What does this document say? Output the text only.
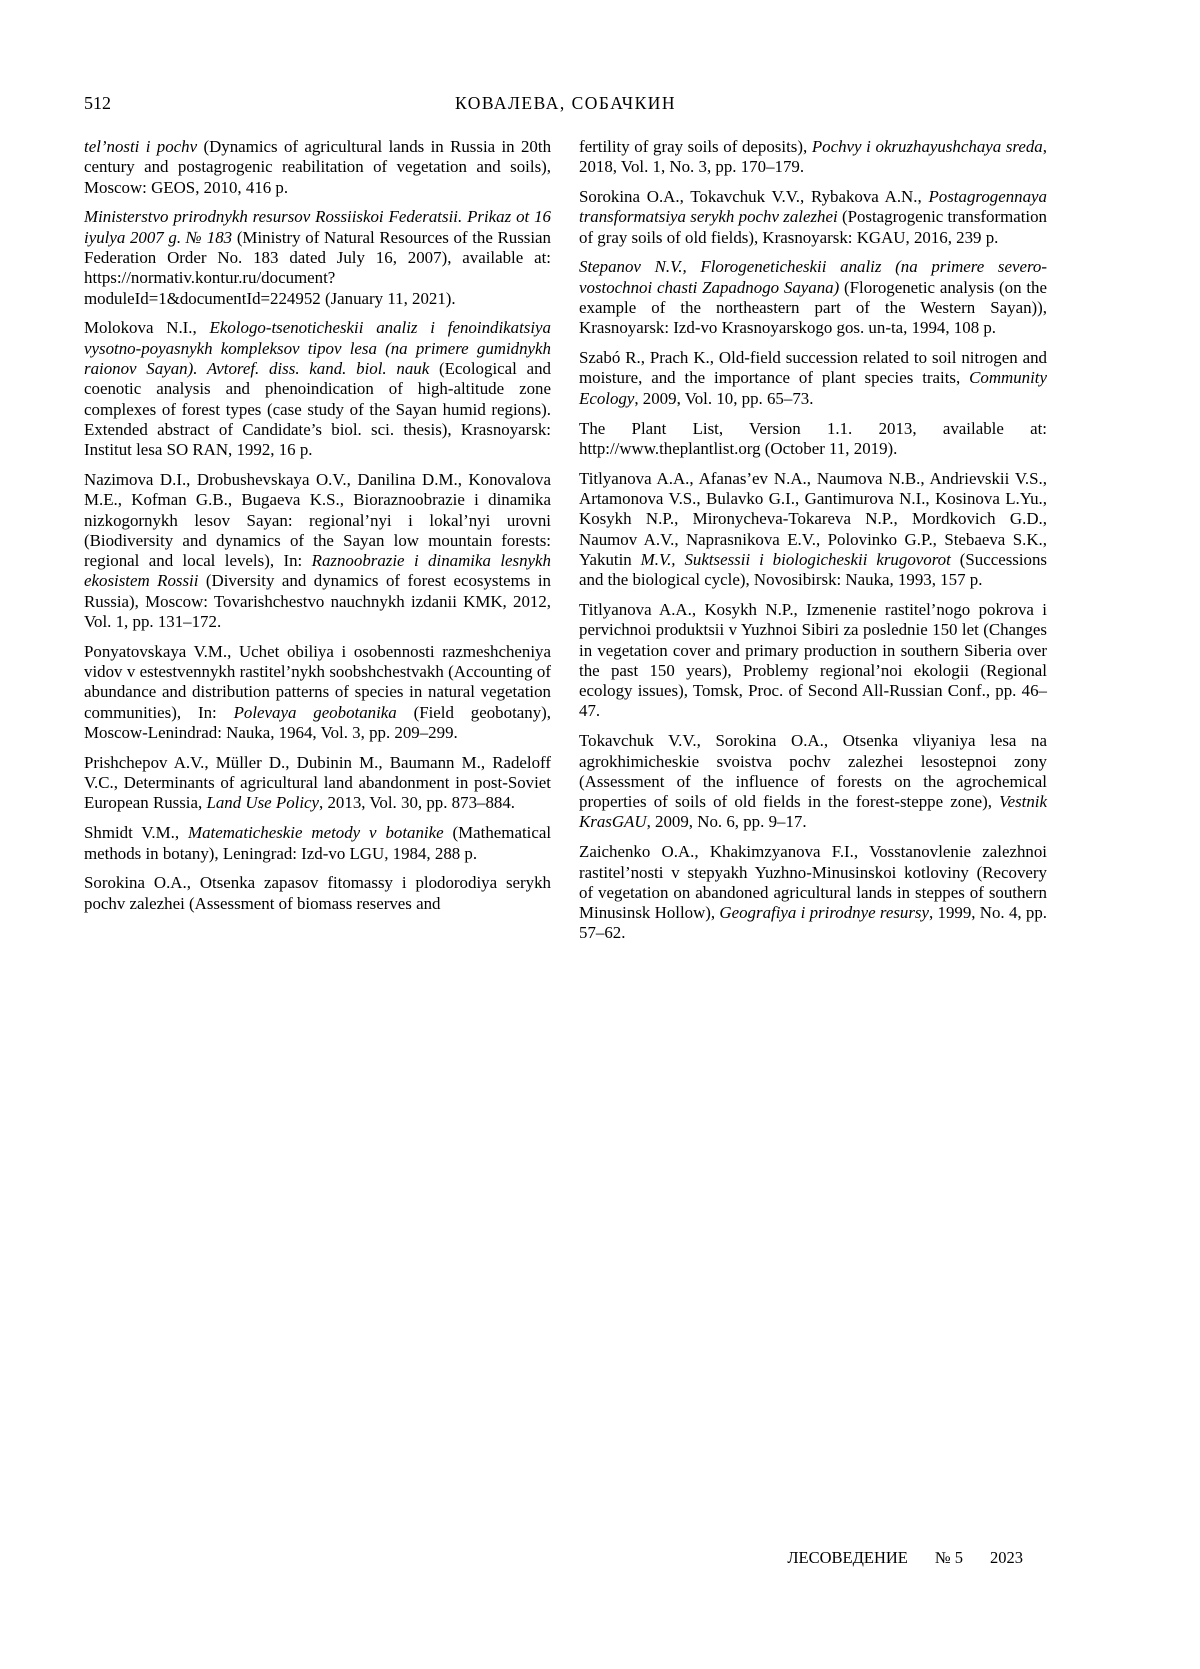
512	КОВАЛЕВА, СОБАЧКИН

tel’nosti i pochv (Dynamics of agricultural lands in Russia in 20th century and postagrogenic reabilitation of vegetation and soils), Moscow: GEOS, 2010, 416 p.

Ministerstvo prirodnykh resursov Rossiiskoi Federatsii. Prikaz ot 16 iyulya 2007 g. № 183 (Ministry of Natural Resources of the Russian Federation Order No. 183 dated July 16, 2007), available at: https://normativ.kontur.ru/document?moduleId=1&documentId=224952 (January 11, 2021).

Molokova N.I., Ekologo-tsenoticheskii analiz i fenoindikatsiya vysotno-poyasnykh kompleksov tipov lesa (na primere gumidnykh raionov Sayan). Avtoref. diss. kand. biol. nauk (Ecological and coenotic analysis and phenoindication of high-altitude zone complexes of forest types (case study of the Sayan humid regions). Extended abstract of Candidate’s biol. sci. thesis), Krasnoyarsk: Institut lesa SO RAN, 1992, 16 p.

Nazimova D.I., Drobushevskaya O.V., Danilina D.M., Konovalova M.E., Kofman G.B., Bugaeva K.S., Bioraznoobrazie i dinamika nizkogornykh lesov Sayan: regional’nyi i lokal’nyi urovni (Biodiversity and dynamics of the Sayan low mountain forests: regional and local levels), In: Raznoobrazie i dinamika lesnykh ekosistem Rossii (Diversity and dynamics of forest ecosystems in Russia), Moscow: Tovarishchestvo nauchnykh izdanii KMK, 2012, Vol. 1, pp. 131–172.

Ponyatovskaya V.M., Uchet obiliya i osobennosti razmeshcheniya vidov v estestvennykh rastitel’nykh soobshchestvakh (Accounting of abundance and distribution patterns of species in natural vegetation communities), In: Polevaya geobotanika (Field geobotany), Moscow-Lenindrad: Nauka, 1964, Vol. 3, pp. 209–299.

Prishchepov A.V., Müller D., Dubinin M., Baumann M., Radeloff V.C., Determinants of agricultural land abandonment in post-Soviet European Russia, Land Use Policy, 2013, Vol. 30, pp. 873–884.

Shmidt V.M., Matematicheskie metody v botanike (Mathematical methods in botany), Leningrad: Izd-vo LGU, 1984, 288 p.

Sorokina O.A., Otsenka zapasov fitomassy i plodorodiya serykh pochv zalezhei (Assessment of biomass reserves and

fertility of gray soils of deposits), Pochvy i okruzhayushchaya sreda, 2018, Vol. 1, No. 3, pp. 170–179.

Sorokina O.A., Tokavchuk V.V., Rybakova A.N., Postagrogennaya transformatsiya serykh pochv zalezhei (Postagrogenic transformation of gray soils of old fields), Krasnoyarsk: KGAU, 2016, 239 p.

Stepanov N.V., Florogeneticheskii analiz (na primere severo-vostochnoi chasti Zapadnogo Sayana) (Florogenetic analysis (on the example of the northeastern part of the Western Sayan)), Krasnoyarsk: Izd-vo Krasnoyarskogo gos. un-ta, 1994, 108 p.

Szabó R., Prach K., Old-field succession related to soil nitrogen and moisture, and the importance of plant species traits, Community Ecology, 2009, Vol. 10, pp. 65–73.

The Plant List, Version 1.1. 2013, available at: http://www.theplantlist.org (October 11, 2019).

Titlyanova A.A., Afanas’ev N.A., Naumova N.B., Andrievskii V.S., Artamonova V.S., Bulavko G.I., Gantimurova N.I., Kosinova L.Yu., Kosykh N.P., Mironycheva-Tokareva N.P., Mordkovich G.D., Naumov A.V., Naprasnikova E.V., Polovinko G.P., Stebaeva S.K., Yakutin M.V., Suktsessii i biologicheskii krugovorot (Successions and the biological cycle), Novosibirsk: Nauka, 1993, 157 p.

Titlyanova A.A., Kosykh N.P., Izmenenie rastitel’nogo pokrova i pervichnoi produktsii v Yuzhnoi Sibiri za poslednie 150 let (Changes in vegetation cover and primary production in southern Siberia over the past 150 years), Problemy regional’noi ekologii (Regional ecology issues), Tomsk, Proc. of Second All-Russian Conf., pp. 46–47.

Tokavchuk V.V., Sorokina O.A., Otsenka vliyaniya lesa na agrokhimicheskie svoistva pochv zalezhei lesostepnoi zony (Assessment of the influence of forests on the agrochemical properties of soils of old fields in the forest-steppe zone), Vestnik KrasGAU, 2009, No. 6, pp. 9–17.

Zaichenko O.A., Khakimzyanova F.I., Vosstanovlenie zalezhnoi rastitel’nosti v stepyakh Yuzhno-Minusinskoi kotloviny (Recovery of vegetation on abandoned agricultural lands in steppes of southern Minusinsk Hollow), Geografiya i prirodnye resursy, 1999, No. 4, pp. 57–62.

ЛЕСОВЕДЕНИЕ № 5 2023
